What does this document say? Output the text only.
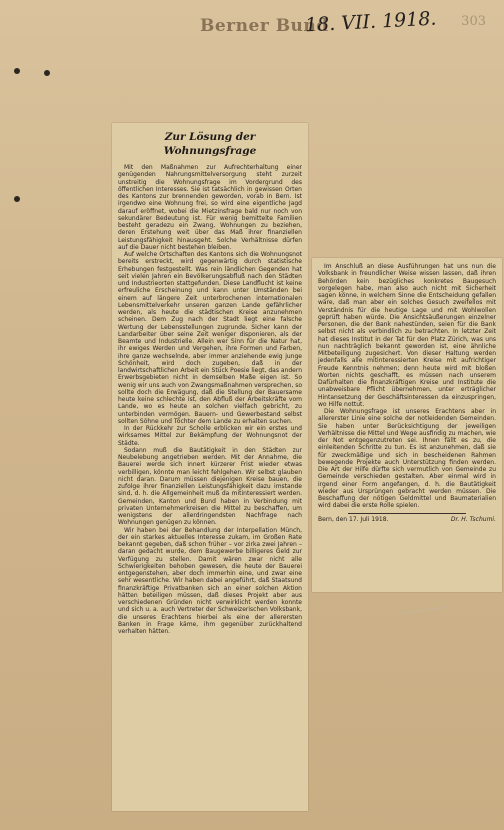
Berner Bund
18. VII. 1918. 303
Zur Lösung der Wohnungsfrage

Mit den Maßnahmen zur Aufrechterhaltung einer genügenden Nahrungsmittelversorgung steht zurzeit unstreitig die Wohnungsfrage im Vordergrund des öffentlichen Interesses. Sie ist tatsächlich in gewissen Orten des Kantons zur brennenden geworden, vorab in Bern. Ist irgendwo eine Wohnung frei, so wird eine eigentliche Jagd darauf eröffnet, wobei die Mietzinsfrage bald nur noch von sekundärer Bedeutung ist. Für wenig bemittelte Familien besteht geradezu ein Zwang, Wohnungen zu beziehen, deren Erstehung weit über das Maß ihrer finanziellen Leistungsfähigkeit hinausgeht. Solche Verhältnisse dürfen auf die Dauer nicht bestehen bleiben.

Auf welche Ortschaften des Kantons sich die Wohnungsnot bereits erstreckt, wird gegenwärtig durch statistische Erhebungen festgestellt. Was rein ländlichen Gegenden hat seit vielen Jahren ein Bevölkerungsabfluß nach den Städten und Industrieorten stattgefunden. Diese Landflucht ist keine erfreuliche Erscheinung und kann unter Umständen bei einem auf längere Zeit unterbrochenen internationalen Lebensmittelverkehr unseren ganzen Lande gefährlicher werden, als heute die städtischen Kreise anzunehmen scheinen. Dem Zug nach der Stadt liegt eine falsche Wertung der Lebensstellungen zugrunde. Sicher kann der Landarbeiter über seine Zeit weniger disponieren, als der Beamte und Industrielle. Allein wer Sinn für die Natur hat, ihr ewiges Werden und Vergehen, ihre Formen und Farben, ihre ganze wechselnde, aber immer anziehende ewig junge Schönheit, wird doch zugeben, daß in der landwirtschaftlichen Arbeit ein Stück Poesie liegt, das andern Erwerbsgebieten nicht in demselben Maße eigen ist. So wenig wir uns auch von Zwangsmaßnahmen versprechen, so sollte doch die Erwägung, daß die Stellung der Bauersame heute keine schlechte ist, den Abfluß der Arbeitskräfte vom Lande, wo es heute an solchen vielfach gebricht, zu unterbinden vermögen. Bauern- und Gewerbestand selbst sollten Söhne und Töchter dem Lande zu erhalten suchen.

In der Rückkehr zur Scholle erblicken wir ein erstes und wirksames Mittel zur Bekämpfung der Wohnungsnot der Städte.

Sodann muß die Bautätigkeit in den Städten zur Neubelebung angetrieben werden. Mit der Annahme, die Bauerei werde sich innert kürzerer Frist wieder etwas verbilligen, könnte man leicht fehlgehen. Wir selbst glauben nicht daran. Darum müssen diejenigen Kreise bauen, die zufolge ihrer finanziellen Leistungsfähigkeit dazu imstande sind, d. h. die Allgemeinheit muß da mitinteressiert werden. Gemeinden, Kanton und Bund haben in Verbindung mit privaten Unternehmerkreisen die Mittel zu beschaffen, um wenigstens der allerdringendsten Nachfrage nach Wohnungen genügen zu können.

Wir haben bei der Behandlung der Interpellation Münch, der ein starkes aktuelles Interesse zukam, im Großen Rate bekannt gegeben, daß schon früher – vor zirka zwei Jahren – daran gedacht wurde, dem Baugewerbe billigeres Geld zur Verfügung zu stellen. Damit wären zwar nicht alle Schwierigkeiten behoben gewesen, die heute der Bauerei entgegenstehen, aber doch immerhin eine, und zwar eine sehr wesentliche. Wir haben dabei angeführt, daß Staatsund finanzkräftige Privatbanken sich an einer solchen Aktion hätten beteiligen müssen, daß dieses Projekt aber aus verschiedenen Gründen nicht verwirklicht werden konnte und sich u. a. auch Vertreter der Schweizerischen Volksbank, die unseres Erachtens hierbei als eine der allerersten Banken in Frage käme, ihm gegenüber zurückhaltend verhalten hätten.

Im Anschluß an diese Ausführungen hat uns nun die Volksbank in freundlicher Weise wissen lassen, daß ihren Behörden kein bezügliches konkretes Baugesuch vorgelegen habe, man also auch nicht mit Sicherheit sagen könne, in welchem Sinne die Entscheidung gefallen wäre, daß man aber ein solches Gesuch zweifellos mit Verständnis für die heutige Lage und mit Wohlwollen geprüft haben würde. Die Ansichtsäußerungen einzelner Personen, die der Bank nahestünden, seien für die Bank selbst nicht als verbindlich zu betrachten. In letzter Zeit hat dieses Institut in der Tat für den Platz Zürich, was uns nun nachträglich bekannt geworden ist, eine ähnliche Mitbeteiligung zugesichert. Von dieser Haltung werden jedenfalls alle mitinteressierten Kreise mit aufrichtiger Freude Kenntnis nehmen; denn heute wird mit bloßen Worten nichts geschafft, es müssen nach unserem Dafürhalten die finanzkräftigen Kreise und Institute die unabweisbare Pflicht übernehmen, unter erträglicher Hintansetzung der Geschäftsinteressen da einzuspringen, wo Hilfe nottut.

Die Wohnungsfrage ist unseres Erachtens aber in allererster Linie eine solche der notleidenden Gemeinden. Sie haben unter Berücksichtigung der jeweiligen Verhältnisse die Mittel und Wege ausfindig zu machen, wie der Not entgegenzutreten sei. Ihnen fällt es zu, die einleitenden Schritte zu tun. Es ist anzunehmen, daß sie für zweckmäßige und sich in bescheidenen Rahmen bewegende Projekte auch Unterstützung finden werden. Die Art der Hilfe dürfte sich vermutlich von Gemeinde zu Gemeinde verschieden gestalten. Aber einmal wird in irgend einer Form angefangen, d. h. die Bautätigkeit wieder aus Ursprüngen gebracht werden müssen. Die Beschaffung der nötigen Geldmittel und Baumaterialien wird dabei die erste Rolle spielen.

Bern, den 17. Juli 1918.	Dr. H. Tschumi.
